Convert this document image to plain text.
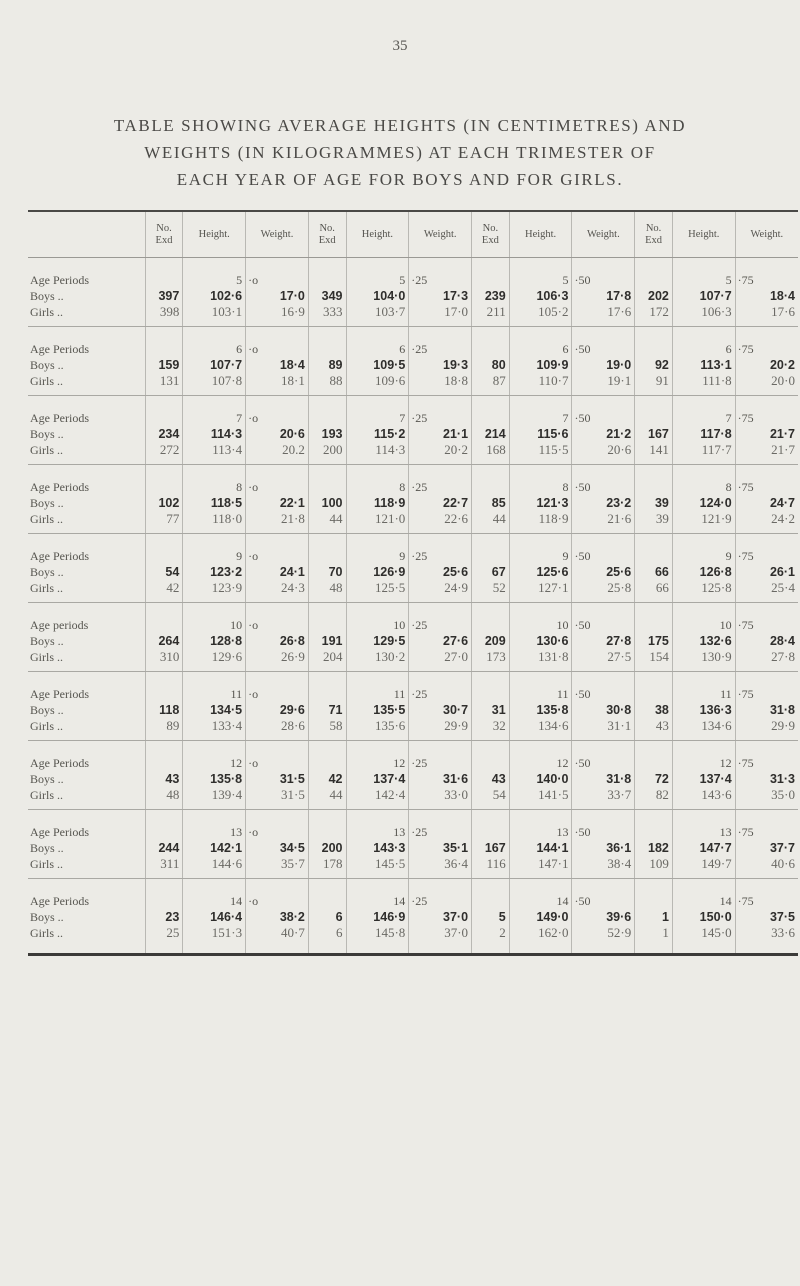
35
TABLE SHOWING AVERAGE HEIGHTS (IN CENTIMETRES) AND
WEIGHTS (IN KILOGRAMMES) AT EACH TRIMESTER OF
EACH YEAR OF AGE FOR BOYS AND FOR GIRLS.
	No. Exd	Height.	Weight.	No. Exd	Height.	Weight.	No. Exd	Height.	Weight.	No. Exd	Height.	Weight.
Age Periods		5	·o		5	·25		5	·50		5	·75
Boys ..	397	102·6	17·0	349	104·0	17·3	239	106·3	17·8	202	107·7	18·4
Girls ..	398	103·1	16·9	333	103·7	17·0	211	105·2	17·6	172	106·3	17·6
Age Periods		6	·o		6	·25		6	·50		6	·75
Boys ..	159	107·7	18·4	89	109·5	19·3	80	109·9	19·0	92	113·1	20·2
Girls ..	131	107·8	18·1	88	109·6	18·8	87	110·7	19·1	91	111·8	20·0
Age Periods		7	·o		7	·25		7	·50		7	·75
Boys ..	234	114·3	20·6	193	115·2	21·1	214	115·6	21·2	167	117·8	21·7
Girls ..	272	113·4	20.2	200	114·3	20·2	168	115·5	20·6	141	117·7	21·7
Age Periods		8	·o		8	·25		8	·50		8	·75
Boys ..	102	118·5	22·1	100	118·9	22·7	85	121·3	23·2	39	124·0	24·7
Girls ..	77	118·0	21·8	44	121·0	22·6	44	118·9	21·6	39	121·9	24·2
Age Periods		9	·o		9	·25		9	·50		9	·75
Boys ..	54	123·2	24·1	70	126·9	25·6	67	125·6	25·6	66	126·8	26·1
Girls ..	42	123·9	24·3	48	125·5	24·9	52	127·1	25·8	66	125·8	25·4
Age periods		10	·o		10	·25		10	·50		10	·75
Boys ..	264	128·8	26·8	191	129·5	27·6	209	130·6	27·8	175	132·6	28·4
Girls ..	310	129·6	26·9	204	130·2	27·0	173	131·8	27·5	154	130·9	27·8
Age Periods		11	·o		11	·25		11	·50		11	·75
Boys ..	118	134·5	29·6	71	135·5	30·7	31	135·8	30·8	38	136·3	31·8
Girls ..	89	133·4	28·6	58	135·6	29·9	32	134·6	31·1	43	134·6	29·9
Age Periods		12	·o		12	·25		12	·50		12	·75
Boys ..	43	135·8	31·5	42	137·4	31·6	43	140·0	31·8	72	137·4	31·3
Girls ..	48	139·4	31·5	44	142·4	33·0	54	141·5	33·7	82	143·6	35·0
Age Periods		13	·o		13	·25		13	·50		13	·75
Boys ..	244	142·1	34·5	200	143·3	35·1	167	144·1	36·1	182	147·7	37·7
Girls ..	311	144·6	35·7	178	145·5	36·4	116	147·1	38·4	109	149·7	40·6
Age Periods		14	·o		14	·25		14	·50		14	·75
Boys ..	23	146·4	38·2	6	146·9	37·0	5	149·0	39·6	1	150·0	37·5
Girls ..	25	151·3	40·7	6	145·8	37·0	2	162·0	52·9	1	145·0	33·6
